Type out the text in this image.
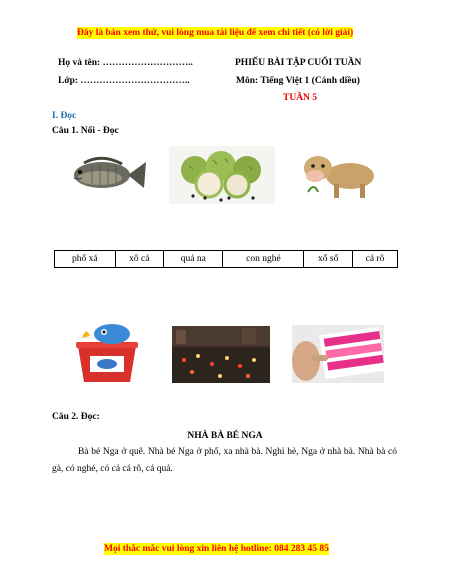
Đây là bản xem thử, vui lòng mua tài liệu để xem chi tiết (có lời giải)
Họ và tên: ………………………..	PHIẾU BÀI TẬP CUỐI TUẦN
Lớp: ……………………………..	Môn: Tiếng Việt 1 (Cánh diều)
TUẦN 5
I. Đọc
Câu 1. Nối - Đọc
phố xá	xô cá	quả na	con nghé	xổ số	cá rô
Câu 2. Đọc:
NHÀ BÀ BÉ NGA

Bà bé Nga ở quê. Nhà bé Nga ở phố, xa nhà bà. Nghỉ hè, Nga ở nhà bà. Nhà bà có gà, có nghé, có cả cá rô, cá quả.

Mọi thắc mắc vui lòng xin liên hệ hotline: 084 283 45 85
